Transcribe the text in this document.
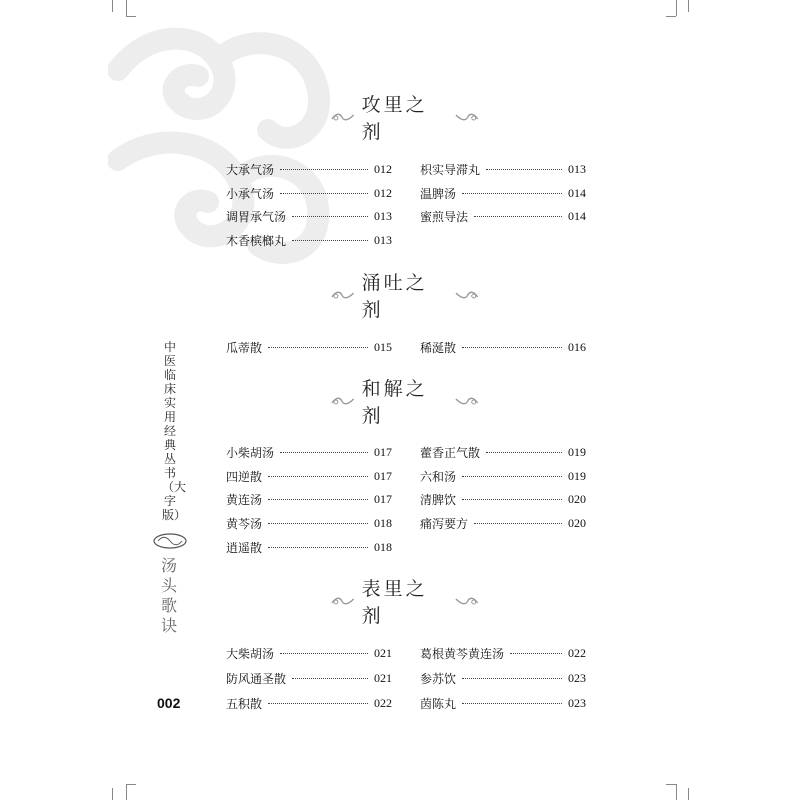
攻里之剂
涌吐之剂
和解之剂
表里之剂
大承气汤	012
小承气汤	012
调胃承气汤	013
木香槟榔丸	013
枳实导滞丸	013
温脾汤	014
蜜煎导法	014
瓜蒂散	015 稀涎散	016
小柴胡汤	017
四逆散	017
黄连汤	017
黄芩汤	018
逍遥散	018
藿香正气散	019
六和汤	019
清脾饮	020
痛泻要方	020
大柴胡汤	021
防风通圣散	021
五积散	022
葛根黄芩黄连汤	022
参苏饮	023
茵陈丸	023
中医临床实用经典丛书（大字版）
汤头歌诀
002
